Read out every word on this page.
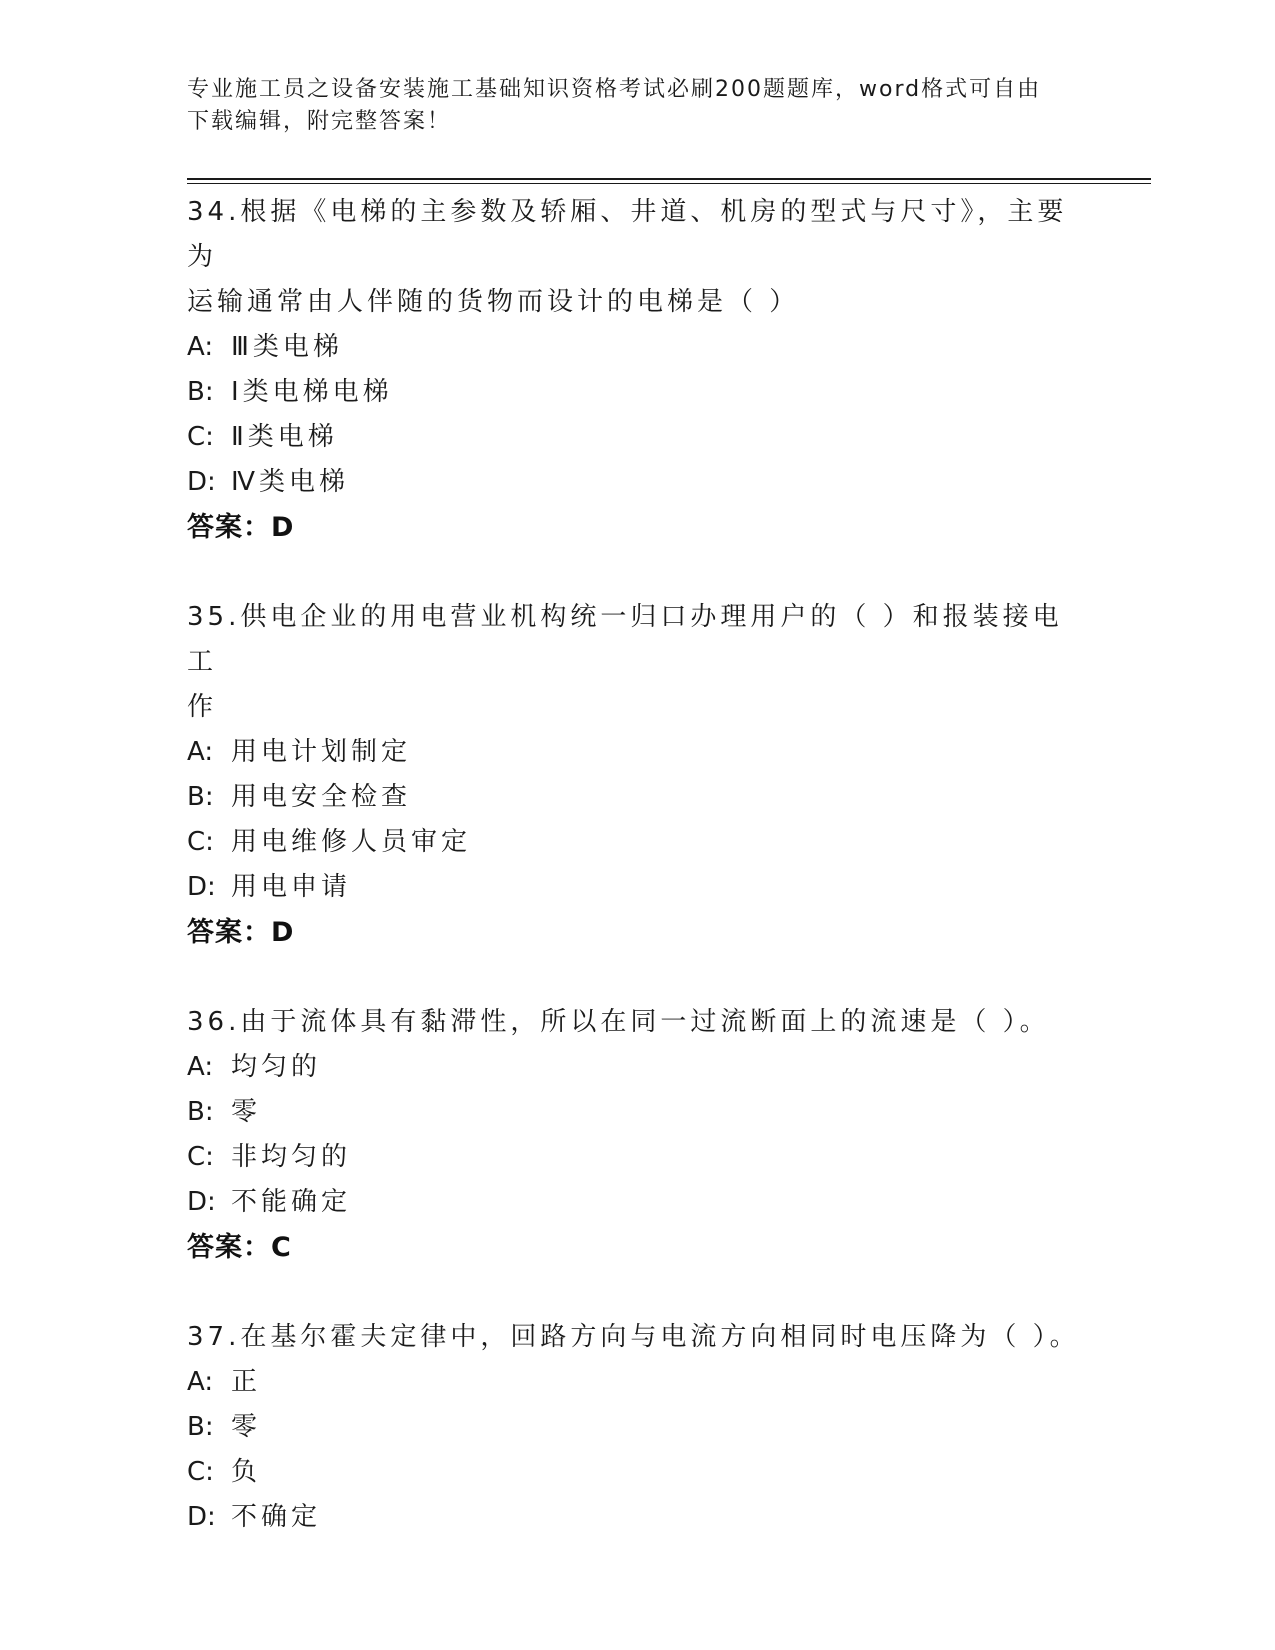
专业施工员之设备安装施工基础知识资格考试必刷200题题库，word格式可自由
下载编辑，附完整答案！
34.根据《电梯的主参数及轿厢、井道、机房的型式与尺寸》，主要为
运输通常由人伴随的货物而设计的电梯是（ ）
A: Ⅲ类电梯
B: Ⅰ类电梯电梯
C: Ⅱ类电梯
D: Ⅳ类电梯
答案：D
35.供电企业的用电营业机构统一归口办理用户的（ ）和报装接电工
作
A: 用电计划制定
B: 用电安全检查
C: 用电维修人员审定
D: 用电申请
答案：D
36.由于流体具有黏滞性，所以在同一过流断面上的流速是（ ）。
A: 均匀的
B: 零
C: 非均匀的
D: 不能确定
答案：C
37.在基尔霍夫定律中，回路方向与电流方向相同时电压降为（ ）。
A: 正
B: 零
C: 负
D: 不确定
